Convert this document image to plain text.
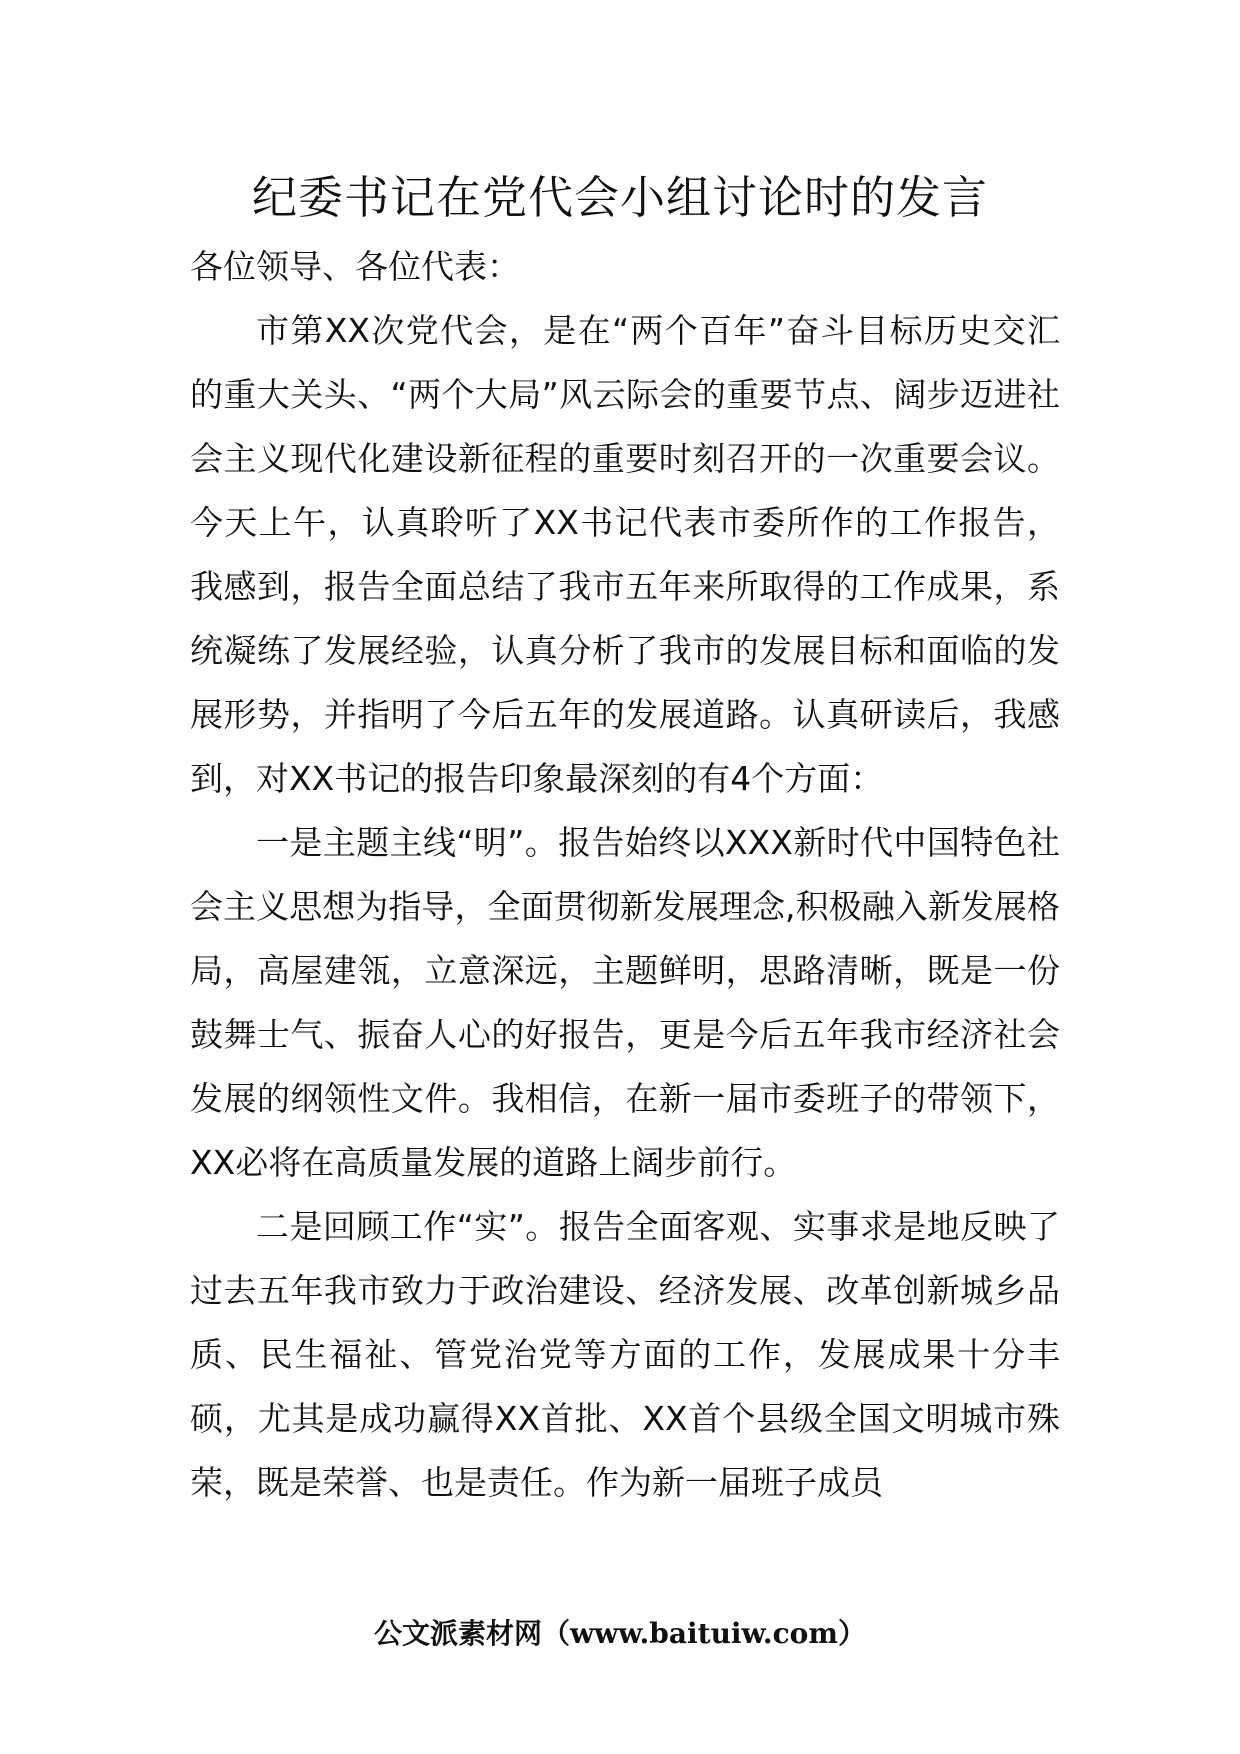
纪委书记在党代会小组讨论时的发言

各位领导、各位代表：

市第XX次党代会，是在“两个百年”奋斗目标历史交汇的重大关头、“两个大局”风云际会的重要节点、阔步迈进社会主义现代化建设新征程的重要时刻召开的一次重要会议。今天上午，认真聆听了XX书记代表市委所作的工作报告，我感到，报告全面总结了我市五年来所取得的工作成果，系统凝练了发展经验，认真分析了我市的发展目标和面临的发展形势，并指明了今后五年的发展道路。认真研读后，我感到，对XX书记的报告印象最深刻的有4个方面：

一是主题主线“明”。报告始终以XXX新时代中国特色社会主义思想为指导，全面贯彻新发展理念,积极融入新发展格局，高屋建瓴，立意深远，主题鲜明，思路清晰，既是一份鼓舞士气、振奋人心的好报告，更是今后五年我市经济社会发展的纲领性文件。我相信，在新一届市委班子的带领下，XX必将在高质量发展的道路上阔步前行。

二是回顾工作“实”。报告全面客观、实事求是地反映了过去五年我市致力于政治建设、经济发展、改革创新城乡品质、民生福祉、管党治党等方面的工作，发展成果十分丰硕，尤其是成功赢得XX首批、XX首个县级全国文明城市殊荣，既是荣誉、也是责任。作为新一届班子成员

公文派素材网（www.baituiw.com）
